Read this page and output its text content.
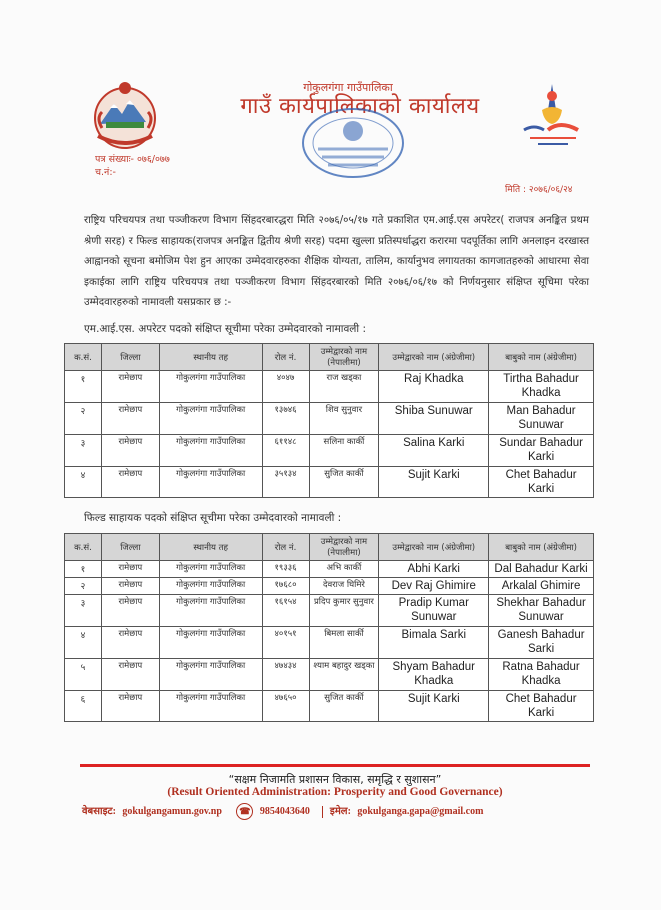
गोकुलगंगा गाउँपालिका
गाउँ कार्यपालिकाको कार्यालय
पत्र संख्याः- ०७६/०७७
च.नं:-
मिति : २०७६/०६/२४
राष्ट्रिय परिचयपत्र तथा पञ्जीकरण विभाग सिंहदरबारद्धरा मिति २०७६/०५/१७ गते प्रकाशित एम.आई.एस अपरेटर( राजपत्र अनङ्कित प्रथम श्रेणी सरह) र फिल्ड साहायक(राजपत्र अनङ्कित द्वितीय श्रेणी सरह) पदमा खुल्ला प्रतिस्पर्धाद्धरा करारमा पदपूर्तिका लागि अनलाइन दरखास्त आह्वानको सूचना बमोजिम पेश हुन आएका उम्मेदवारहरुका शैक्षिक योग्यता, तालिम, कार्यानुभव लगायतका कागजातहरुको आधारमा सेवा इकाईका लागि राष्ट्रिय परिचयपत्र तथा पञ्जीकरण विभाग सिंहदरबारको मिति २०७६/०६/१७ को निर्णयनुसार संक्षिप्त सूचिमा परेका उम्मेदवारहरुको नामावली यसप्रकार छ :-
एम.आई.एस. अपरेटर पदको संक्षिप्त सूचीमा परेका उम्मेदवारको नामावली :
क.सं.	जिल्ला	स्थानीय तह	रोल नं.	उम्मेद्वारको नाम (नेपालीमा)	उम्मेद्वारको नाम (अंग्रेजीमा)	बाबुको नाम (अंग्रेजीमा)
१	रामेछाप	गोकुलगंगा गाउँपालिका	४०४७	राज खड्का	Raj Khadka	Tirtha Bahadur Khadka
२	रामेछाप	गोकुलगंगा गाउँपालिका	१३७४६	शिव सुनुवार	Shiba Sunuwar	Man Bahadur Sunuwar
३	रामेछाप	गोकुलगंगा गाउँपालिका	६११४८	सलिना कार्की	Salina Karki	Sundar Bahadur Karki
४	रामेछाप	गोकुलगंगा गाउँपालिका	३५१३४	सुजित कार्की	Sujit Karki	Chet Bahadur Karki
फिल्ड साहायक पदको संक्षिप्त सूचीमा परेका उम्मेदवारको नामावली :
क.सं.	जिल्ला	स्थानीय तह	रोल नं.	उम्मेद्वारको नाम (नेपालीमा)	उम्मेद्वारको नाम (अंग्रेजीमा)	बाबुको नाम (अंग्रेजीमा)
१	रामेछाप	गोकुलगंगा गाउँपालिका	१९३३६	अभि कार्की	Abhi Karki	Dal Bahadur Karki
२	रामेछाप	गोकुलगंगा गाउँपालिका	१७६८०	देवराज घिमिरे	Dev Raj Ghimire	Arkalal Ghimire
३	रामेछाप	गोकुलगंगा गाउँपालिका	१६१५४	प्रदिप कुमार सुनुवार	Pradip Kumar Sunuwar	Shekhar Bahadur Sunuwar
४	रामेछाप	गोकुलगंगा गाउँपालिका	४०१५१	बिमला सार्की	Bimala Sarki	Ganesh Bahadur Sarki
५	रामेछाप	गोकुलगंगा गाउँपालिका	४७४३४	श्याम बहादुर खड्का	Shyam Bahadur Khadka	Ratna Bahadur Khadka
६	रामेछाप	गोकुलगंगा गाउँपालिका	४७६५०	सुजित कार्की	Sujit Karki	Chet Bahadur Karki
“सक्षम निजामति प्रशासन विकास, समृद्धि र सुशासन”
(Result Oriented Administration: Prosperity and Good Governance)
वेबसाइट: gokulgangamun.gov.np ☎ 9854043640 इमेल: gokulganga.gapa@gmail.com
